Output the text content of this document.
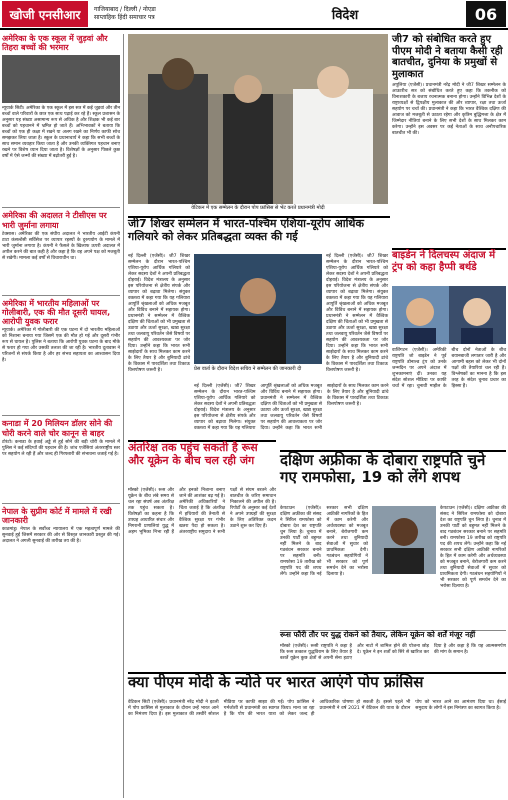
खोजी एनसीआर	गाजियाबाद / दिल्ली / नोएडा
साप्ताहिक हिंदी समाचार पत्र	विदेश	06
अमेरिका के एक स्कूल में जुड़वां और तिहरा बच्चों की भरमार
न्यूयार्क सिटी। अमेरिका के एक स्कूल में इस सत्र में कई जुड़वां और तीन बच्चों वाले परिवारों के छात्र एक साथ पढ़ाई कर रहे हैं। स्कूल प्रशासन के अनुसार यह संख्या असामान्य रूप से अधिक है और शिक्षक भी कई बार बच्चों को पहचानने में भ्रमित हो जाते हैं। अभिभावकों ने बताया कि बच्चों को एक ही कक्षा में रखने या अलग रखने का निर्णय काफी सोच समझकर लिया जाता है। स्कूल के प्रधानाचार्य ने कहा कि सभी बच्चों के साथ समान व्यवहार किया जाता है और उनकी व्यक्तिगत पहचान बनाए रखने पर विशेष ध्यान दिया जाता है। विशेषज्ञों के अनुसार पिछले कुछ वर्षों में ऐसे जन्मों की संख्या में बढ़ोतरी हुई है।
अमेरिका की अदालत ने टीसीएस पर भारी जुर्माना लगाया
टेक्सास। अमेरिका की एक संघीय अदालत ने भारतीय आईटी कंपनी टाटा कंसल्टेंसी सर्विसेज पर व्यापार रहस्यों के दुरुपयोग के मामले में भारी जुर्माना लगाया है। कंपनी ने फैसले के खिलाफ ऊपरी अदालत में अपील करने की बात कही है और कहा है कि वह अपने पक्ष को मजबूती से रखेगी। मामला कई वर्षों से विचाराधीन था।
अमेरिका में भारतीय महिलाओं पर गोलीबारी, एक की मौत दूसरी घायल, आरोपी युवक फरार
न्यूयार्क। अमेरिका में गोलीबारी की एक घटना में दो भारतीय महिलाओं को निशाना बनाया गया जिसमें एक की मौत हो गई और दूसरी गंभीर रूप से घायल है। पुलिस ने बताया कि आरोपी युवक घटना के बाद मौके से फरार हो गया और उसकी तलाश की जा रही है। भारतीय दूतावास ने परिजनों से संपर्क किया है और हर संभव सहायता का आश्वासन दिया है।
कनाडा में 20 मिलियन डॉलर सोने की चोरी करने वाले चोर कानून से बाहर
टोरंटो। कनाडा के हवाई अड्डे से हुई सोने की बड़ी चोरी के मामले में पुलिस ने कई संदिग्धों की पहचान की है। जांच एजेंसियां अंतरराष्ट्रीय स्तर पर सहयोग ले रही हैं और जल्द ही गिरफ्तारी की संभावना जताई गई है।
नेपाल के सुप्रीम कोर्ट में मामले में रखी जानकारी
काठमांडू। नेपाल के सर्वोच्च न्यायालय में एक महत्वपूर्ण मामले की सुनवाई हुई जिसमें सरकार की ओर से विस्तृत जानकारी प्रस्तुत की गई। अदालत ने अगली सुनवाई की तारीख तय की है।
वेटिकन में एक सम्मेलन के दौरान पोप फ्रांसिस से भेंट करते प्रधानमंत्री मोदी
जी7 को संबोधित करते हुए पीएम मोदी ने बताया कैसी रही बातचीत, दुनिया के प्रमुखों से मुलाकात
अपूलिया (एजेंसी)। प्रधानमंत्री नरेंद्र मोदी ने जी7 शिखर सम्मेलन के आउटरीच सत्र को संबोधित करते हुए कहा कि तकनीक को विनाशकारी के बजाय रचनात्मक बनाना होगा। उन्होंने विभिन्न देशों के राष्ट्राध्यक्षों से द्विपक्षीय मुलाकात की और व्यापार, रक्षा तथा ऊर्जा सहयोग पर चर्चा की। प्रधानमंत्री ने कहा कि भारत वैश्विक दक्षिण की आवाज को मजबूती से उठाता रहेगा और कृत्रिम बुद्धिमत्ता के क्षेत्र में जिम्मेदार नीतियां बनाने के लिए सभी देशों के साथ मिलकर काम करेगा। उन्होंने इस अवसर पर कई नेताओं के साथ अनौपचारिक बातचीत भी की।
जी7 शिखर सम्मेलन में भारत-पश्चिम एशिया-यूरोप आर्थिक गलियारे को लेकर प्रतिबद्धता व्यक्त की गई
नई दिल्ली (एजेंसी)। जी7 शिखर सम्मेलन के दौरान भारत-पश्चिम एशिया-यूरोप आर्थिक गलियारे को लेकर सदस्य देशों ने अपनी प्रतिबद्धता दोहराई। विदेश मंत्रालय के अनुसार इस परियोजना से क्षेत्रीय संपर्क और व्यापार को बढ़ावा मिलेगा। संयुक्त वक्तव्य में कहा गया कि यह गलियारा आपूर्ति श्रृंखलाओं को अधिक मजबूत और विविध बनाने में सहायक होगा। प्रधानमंत्री ने सम्मेलन में वैश्विक दक्षिण की चिंताओं को भी प्रमुखता से उठाया और ऊर्जा सुरक्षा, खाद्य सुरक्षा तथा जलवायु परिवर्तन जैसे विषयों पर सहयोग की आवश्यकता पर जोर दिया। उन्होंने कहा कि भारत सभी साझेदारों के साथ मिलकर काम करने के लिए तैयार है और बुनियादी ढांचे के विकास में पारदर्शिता तथा टिकाऊ वित्तपोषण जरूरी है।	प्रेस वार्ता के दौरान विदेश सचिव ने सम्मेलन की जानकारी दी
नई दिल्ली (एजेंसी)। जी7 शिखर सम्मेलन के दौरान भारत-पश्चिम एशिया-यूरोप आर्थिक गलियारे को लेकर सदस्य देशों ने अपनी प्रतिबद्धता दोहराई। विदेश मंत्रालय के अनुसार इस परियोजना से क्षेत्रीय संपर्क और व्यापार को बढ़ावा मिलेगा। संयुक्त वक्तव्य में कहा गया कि यह गलियारा आपूर्ति श्रृंखलाओं को अधिक मजबूत और विविध बनाने में सहायक होगा। प्रधानमंत्री ने सम्मेलन में वैश्विक दक्षिण की चिंताओं को भी प्रमुखता से उठाया और ऊर्जा सुरक्षा, खाद्य सुरक्षा तथा जलवायु परिवर्तन जैसे विषयों पर सहयोग की आवश्यकता पर जोर दिया। उन्होंने कहा कि भारत सभी साझेदारों के साथ मिलकर काम करने के लिए तैयार है और बुनियादी ढांचे के विकास में पारदर्शिता तथा टिकाऊ वित्तपोषण जरूरी है।
नई दिल्ली (एजेंसी)। जी7 शिखर सम्मेलन के दौरान भारत-पश्चिम एशिया-यूरोप आर्थिक गलियारे को लेकर सदस्य देशों ने अपनी प्रतिबद्धता दोहराई। विदेश मंत्रालय के अनुसार इस परियोजना से क्षेत्रीय संपर्क और व्यापार को बढ़ावा मिलेगा। संयुक्त वक्तव्य में कहा गया कि यह गलियारा आपूर्ति श्रृंखलाओं को अधिक मजबूत और विविध बनाने में सहायक होगा। प्रधानमंत्री ने सम्मेलन में वैश्विक दक्षिण की चिंताओं को भी प्रमुखता से उठाया और ऊर्जा सुरक्षा, खाद्य सुरक्षा तथा जलवायु परिवर्तन जैसे विषयों पर सहयोग की आवश्यकता पर जोर दिया। उन्होंने कहा कि भारत सभी साझेदारों के साथ मिलकर काम करने के लिए तैयार है और बुनियादी ढांचे के विकास में पारदर्शिता तथा टिकाऊ वित्तपोषण जरूरी है।
बाइडेन ने दिलचस्प अंदाज में ट्रंप को कहा हैप्पी बर्थडे
वाशिंगटन (एजेंसी)। अमेरिकी राष्ट्रपति जो बाइडेन ने पूर्व राष्ट्रपति डोनाल्ड ट्रंप को उनके जन्मदिन पर अपने अंदाज में शुभकामनाएं दीं। उनका यह संदेश सोशल मीडिया पर काफी चर्चा में रहा। चुनावी माहौल के बीच दोनों नेताओं के बीच बयानबाजी लगातार जारी है और आगामी बहस को लेकर भी दोनों पक्षों की तैयारियां चल रही हैं। विश्लेषकों का मानना है कि इस तरह के संदेश चुनाव प्रचार का हिस्सा हैं।
अंतरिक्ष तक पहुंच सकती है रूस और यूक्रेन के बीच चल रही जंग
मॉस्को (एजेंसी)। रूस और यूक्रेन के बीच लंबे समय से चल रहा संघर्ष अब अंतरिक्ष तक पहुंच सकता है। विशेषज्ञों का कहना है कि उपग्रह आधारित संचार और निगरानी प्रणालियां युद्ध में अहम भूमिका निभा रही हैं और इनको निशाना बनाए जाने की आशंका बढ़ गई है। अमेरिकी अधिकारियों ने चिंता जताई है कि अंतरिक्ष में हथियारों की तैनाती से वैश्विक सुरक्षा पर गंभीर खतरा पैदा हो सकता है। अंतरराष्ट्रीय समुदाय ने सभी पक्षों से संयम बरतने और बातचीत के जरिए समाधान निकालने की अपील की है। रिपोर्टों के अनुसार कई देशों ने अपने उपग्रहों की सुरक्षा के लिए अतिरिक्त कदम उठाने शुरू कर दिए हैं।
दक्षिण अफ्रीका के दोबारा राष्ट्रपति चुने गए रामफोसा, 19 को लेंगे शपथ
केपटाउन (एजेंसी)। दक्षिण अफ्रीका की संसद ने सिरिल रामफोसा को दोबारा देश का राष्ट्रपति चुन लिया है। चुनाव में उनकी पार्टी को बहुमत नहीं मिलने के बाद गठबंधन सरकार बनाने पर सहमति बनी। रामफोसा 19 तारीख को राष्ट्रपति पद की शपथ लेंगे। उन्होंने कहा कि नई सरकार सभी दक्षिण अफ्रीकी नागरिकों के हित में काम करेगी और अर्थव्यवस्था को मजबूत बनाने, बेरोजगारी कम करने तथा बुनियादी सेवाओं में सुधार को प्राथमिकता देगी। गठबंधन सहयोगियों ने भी सरकार को पूर्ण समर्थन देने का भरोसा दिलाया है।
केपटाउन (एजेंसी)। दक्षिण अफ्रीका की संसद ने सिरिल रामफोसा को दोबारा देश का राष्ट्रपति चुन लिया है। चुनाव में उनकी पार्टी को बहुमत नहीं मिलने के बाद गठबंधन सरकार बनाने पर सहमति बनी। रामफोसा 19 तारीख को राष्ट्रपति पद की शपथ लेंगे। उन्होंने कहा कि नई सरकार सभी दक्षिण अफ्रीकी नागरिकों के हित में काम करेगी और अर्थव्यवस्था को मजबूत बनाने, बेरोजगारी कम करने तथा बुनियादी सेवाओं में सुधार को प्राथमिकता देगी। गठबंधन सहयोगियों ने भी सरकार को पूर्ण समर्थन देने का भरोसा दिलाया है।
रूस फौरी तौर पर युद्ध रोकने को तैयार, लेकिन यूक्रेन को शर्तें मंजूर नहीं
मॉस्को (एजेंसी)। रूसी राष्ट्रपति ने कहा है कि रूस तत्काल युद्धविराम के लिए तैयार है बशर्ते यूक्रेन कुछ क्षेत्रों से अपनी सेना हटाए और नाटो में शामिल होने की योजना छोड़ दे। यूक्रेन ने इन शर्तों को सिरे से खारिज कर दिया है और कहा है कि यह आत्मसमर्पण की मांग के समान है।
क्या पीएम मोदी के न्योते पर भारत आएंगे पोप फ्रांसिस
वेटिकन सिटी (एजेंसी)। प्रधानमंत्री नरेंद्र मोदी ने इटली में पोप फ्रांसिस से मुलाकात के दौरान उन्हें भारत आने का निमंत्रण दिया है। इस मुलाकात की तस्वीरें सोशल मीडिया पर काफी साझा की गईं। पोप फ्रांसिस ने गर्मजोशी से प्रधानमंत्री का स्वागत किया। माना जा रहा है कि पोप की भारत यात्रा को लेकर जल्द ही आधिकारिक घोषणा हो सकती है। इससे पहले भी प्रधानमंत्री ने वर्ष 2021 में वेटिकन की यात्रा के दौरान पोप को भारत आने का आमंत्रण दिया था। ईसाई समुदाय के लोगों ने इस निमंत्रण का स्वागत किया है।
